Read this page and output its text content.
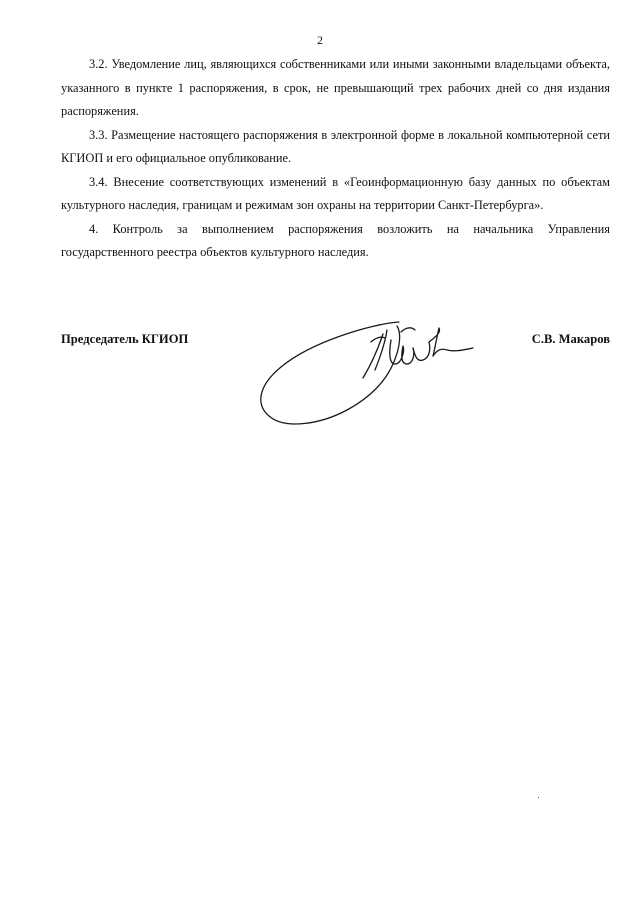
2

3.2. Уведомление лиц, являющихся собственниками или иными законными владельцами объекта, указанного в пункте 1 распоряжения, в срок, не превышающий трех рабочих дней со дня издания распоряжения.

3.3. Размещение настоящего распоряжения в электронной форме в локальной компьютерной сети КГИОП и его официальное опубликование.

3.4. Внесение соответствующих изменений в «Геоинформационную базу данных по объектам культурного наследия, границам и режимам зон охраны на территории Санкт-Петербурга».

4. Контроль за выполнением распоряжения возложить на начальника Управления государственного реестра объектов культурного наследия.

Председатель КГИОП	С.В. Макаров
